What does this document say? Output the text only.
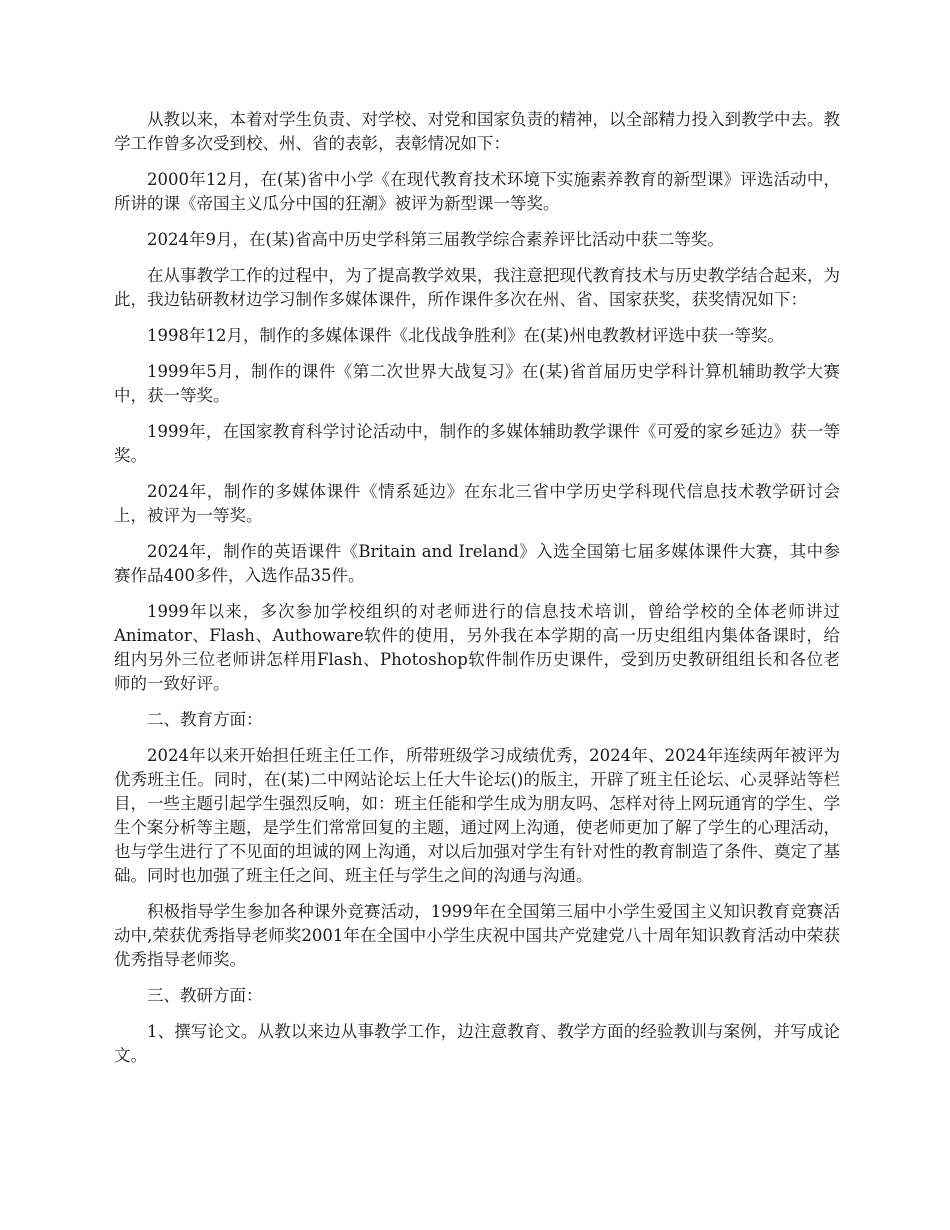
从教以来，本着对学生负责、对学校、对党和国家负责的精神，以全部精力投入到教学中去。教学工作曾多次受到校、州、省的表彰，表彰情况如下：

2000年12月，在(某)省中小学《在现代教育技术环境下实施素养教育的新型课》评选活动中，所讲的课《帝国主义瓜分中国的狂潮》被评为新型课一等奖。

2024年9月，在(某)省高中历史学科第三届教学综合素养评比活动中获二等奖。

在从事教学工作的过程中，为了提高教学效果，我注意把现代教育技术与历史教学结合起来，为此，我边钻研教材边学习制作多媒体课件，所作课件多次在州、省、国家获奖，获奖情况如下：

1998年12月，制作的多媒体课件《北伐战争胜利》在(某)州电教教材评选中获一等奖。

1999年5月，制作的课件《第二次世界大战复习》在(某)省首届历史学科计算机辅助教学大赛中，获一等奖。

1999年，在国家教育科学讨论活动中，制作的多媒体辅助教学课件《可爱的家乡延边》获一等奖。

2024年，制作的多媒体课件《情系延边》在东北三省中学历史学科现代信息技术教学研讨会上，被评为一等奖。

2024年，制作的英语课件《Britain and Ireland》入选全国第七届多媒体课件大赛，其中参赛作品400多件，入选作品35件。

1999年以来，多次参加学校组织的对老师进行的信息技术培训，曾给学校的全体老师讲过Animator、Flash、Authoware软件的使用，另外我在本学期的高一历史组组内集体备课时，给组内另外三位老师讲怎样用Flash、Photoshop软件制作历史课件，受到历史教研组组长和各位老师的一致好评。

二、教育方面：

2024年以来开始担任班主任工作，所带班级学习成绩优秀，2024年、2024年连续两年被评为优秀班主任。同时，在(某)二中网站论坛上任大牛论坛()的版主，开辟了班主任论坛、心灵驿站等栏目，一些主题引起学生强烈反响，如：班主任能和学生成为朋友吗、怎样对待上网玩通宵的学生、学生个案分析等主题，是学生们常常回复的主题，通过网上沟通，使老师更加了解了学生的心理活动，也与学生进行了不见面的坦诚的网上沟通，对以后加强对学生有针对性的教育制造了条件、奠定了基础。同时也加强了班主任之间、班主任与学生之间的沟通与沟通。

积极指导学生参加各种课外竞赛活动，1999年在全国第三届中小学生爱国主义知识教育竞赛活动中,荣获优秀指导老师奖2001年在全国中小学生庆祝中国共产党建党八十周年知识教育活动中荣获优秀指导老师奖。

三、教研方面：

1、撰写论文。从教以来边从事教学工作，边注意教育、教学方面的经验教训与案例，并写成论文。
